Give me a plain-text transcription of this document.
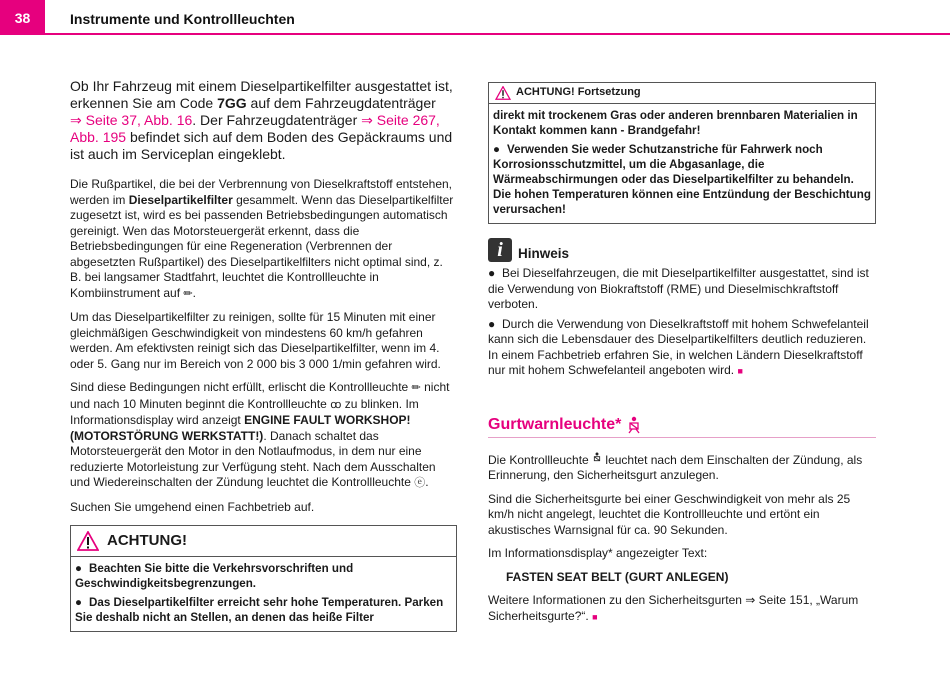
38	Instrumente und Kontrollleuchten

Ob Ihr Fahrzeug mit einem Dieselpartikelfilter ausgestattet ist, erkennen Sie am Code 7GG auf dem Fahrzeugdatenträger
⇒ Seite 37, Abb. 16. Der Fahrzeugdatenträger ⇒ Seite 267, Abb. 195 befindet sich auf dem Boden des Gepäckraums und ist auch im Serviceplan eingeklebt.

Die Rußpartikel, die bei der Verbrennung von Dieselkraftstoff entstehen, werden im Dieselpartikelfilter gesammelt. Wenn das Dieselpartikelfilter zugesetzt ist, wird es bei passenden Betriebsbedingungen automatisch gereinigt. Wen das Motorsteuergerät erkennt, dass die Betriebsbedingungen für eine Regeneration (Verbrennen der abgesetzten Rußpartikel) des Dieselpartikelfilters nicht optimal sind, z. B. bei langsamer Stadtfahrt, leuchtet die Kontrollleuchte in Kombiinstrument auf ✏.

Um das Dieselpartikelfilter zu reinigen, sollte für 15 Minuten mit einer gleichmäßigen Geschwindigkeit von mindestens 60 km/h gefahren werden. Am efektivsten reinigt sich das Dieselpartikelfilter, wenn im 4. oder 5. Gang nur im Bereich von 2 000 bis 3 000 1/min gefahren wird.

Sind diese Bedingungen nicht erfüllt, erlischt die Kontrollleuchte ✏ nicht und nach 10 Minuten beginnt die Kontrollleuchte ꝏ zu blinken. Im Informationsdisplay wird anzeigt ENGINE FAULT WORKSHOP! (MOTORSTÖRUNG WERKSTATT!). Danach schaltet das Motorsteuergerät den Motor in den Notlaufmodus, in dem nur eine reduzierte Motorleistung zur Verfügung steht. Nach dem Ausschalten und Wiedereinschalten der Zündung leuchtet die Kontrollleuchte ⓔ.

Suchen Sie umgehend einen Fachbetrieb auf.

ACHTUNG!

● Beachten Sie bitte die Verkehrsvorschriften und Geschwindigkeitsbegrenzungen.

● Das Dieselpartikelfilter erreicht sehr hohe Temperaturen. Parken Sie deshalb nicht an Stellen, an denen das heiße Filter

ACHTUNG! Fortsetzung

direkt mit trockenem Gras oder anderen brennbaren Materialien in Kontakt kommen kann - Brandgefahr!

● Verwenden Sie weder Schutzanstriche für Fahrwerk noch Korrosionsschutzmittel, um die Abgasanlage, die Wärmeabschirmungen oder das Dieselpartikelfilter zu behandeln. Die hohen Temperaturen können eine Entzündung der Beschichtung verursachen!

i	Hinweis

● Bei Dieselfahrzeugen, die mit Dieselpartikelfilter ausgestattet, sind ist die Verwendung von Biokraftstoff (RME) und Dieselmischkraftstoff verboten.

● Durch die Verwendung von Dieselkraftstoff mit hohem Schwefelanteil kann sich die Lebensdauer des Dieselpartikelfilters deutlich reduzieren. In einem Fachbetrieb erfahren Sie, in welchen Ländern Dieselkraftstoff nur mit hohem Schwefelanteil angeboten wird. ■

Gurtwarnleuchte*

Die Kontrollleuchte  leuchtet nach dem Einschalten der Zündung, als Erinnerung, den Sicherheitsgurt anzulegen.

Sind die Sicherheitsgurte bei einer Geschwindigkeit von mehr als 25 km/h nicht angelegt, leuchtet die Kontrollleuchte und ertönt ein akustisches Warnsignal für ca. 90 Sekunden.

Im Informationsdisplay* angezeigter Text:

FASTEN SEAT BELT (GURT ANLEGEN)

Weitere Informationen zu den Sicherheitsgurten ⇒ Seite 151, „Warum Sicherheitsgurte?“. ■
